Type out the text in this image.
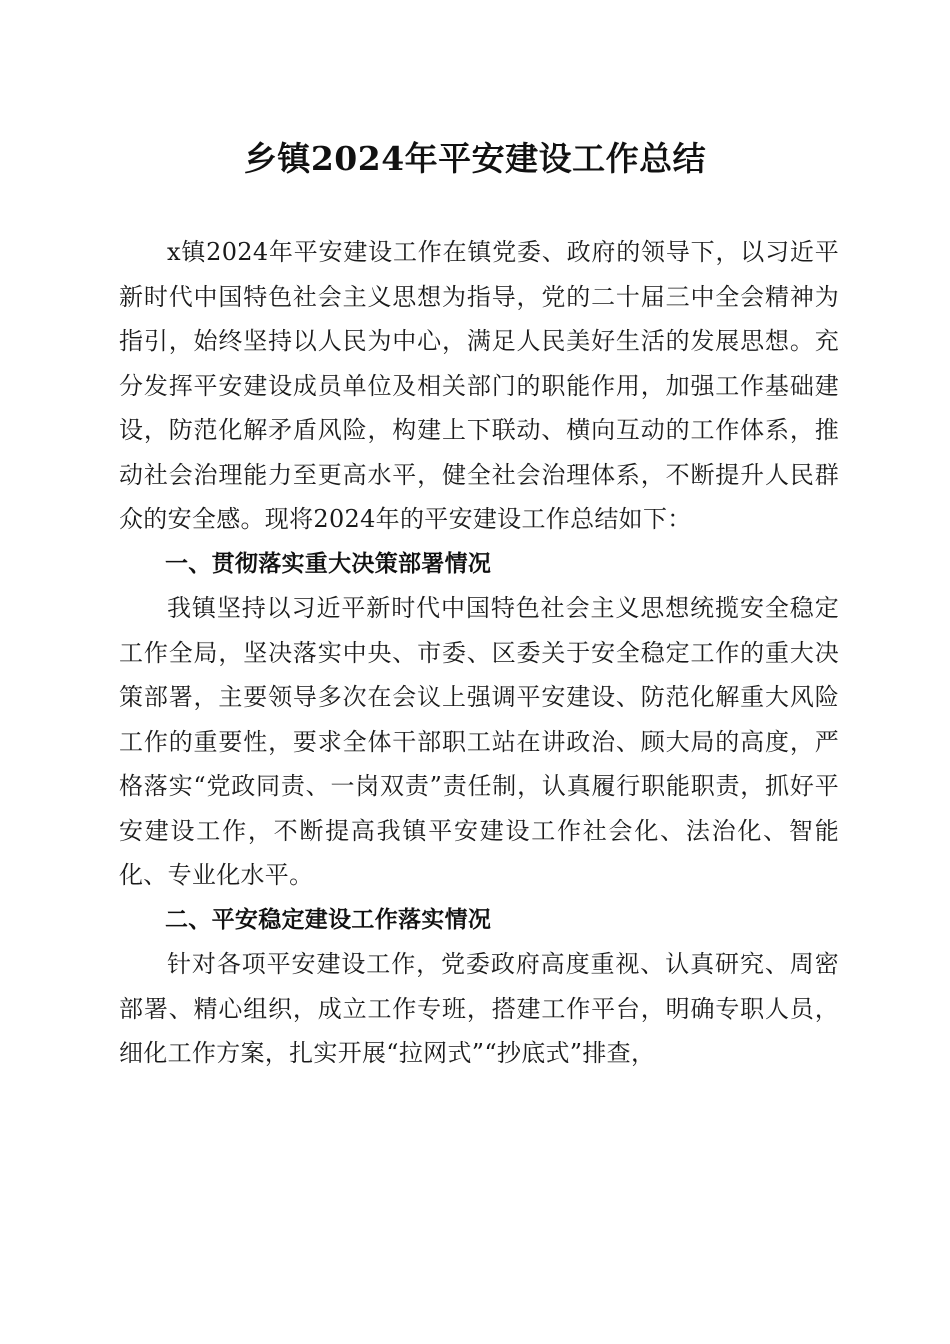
乡镇2024年平安建设工作总结

x镇2024年平安建设工作在镇党委、政府的领导下，以习近平新时代中国特色社会主义思想为指导，党的二十届三中全会精神为指引，始终坚持以人民为中心，满足人民美好生活的发展思想。充分发挥平安建设成员单位及相关部门的职能作用，加强工作基础建设，防范化解矛盾风险，构建上下联动、横向互动的工作体系，推动社会治理能力至更高水平，健全社会治理体系，不断提升人民群众的安全感。现将2024年的平安建设工作总结如下：

一、贯彻落实重大决策部署情况

我镇坚持以习近平新时代中国特色社会主义思想统揽安全稳定工作全局，坚决落实中央、市委、区委关于安全稳定工作的重大决策部署，主要领导多次在会议上强调平安建设、防范化解重大风险工作的重要性，要求全体干部职工站在讲政治、顾大局的高度，严格落实“党政同责、一岗双责”责任制，认真履行职能职责，抓好平安建设工作，不断提高我镇平安建设工作社会化、法治化、智能化、专业化水平。

二、平安稳定建设工作落实情况

针对各项平安建设工作，党委政府高度重视、认真研究、周密部署、精心组织，成立工作专班，搭建工作平台，明确专职人员，细化工作方案，扎实开展“拉网式”“抄底式”排查，
